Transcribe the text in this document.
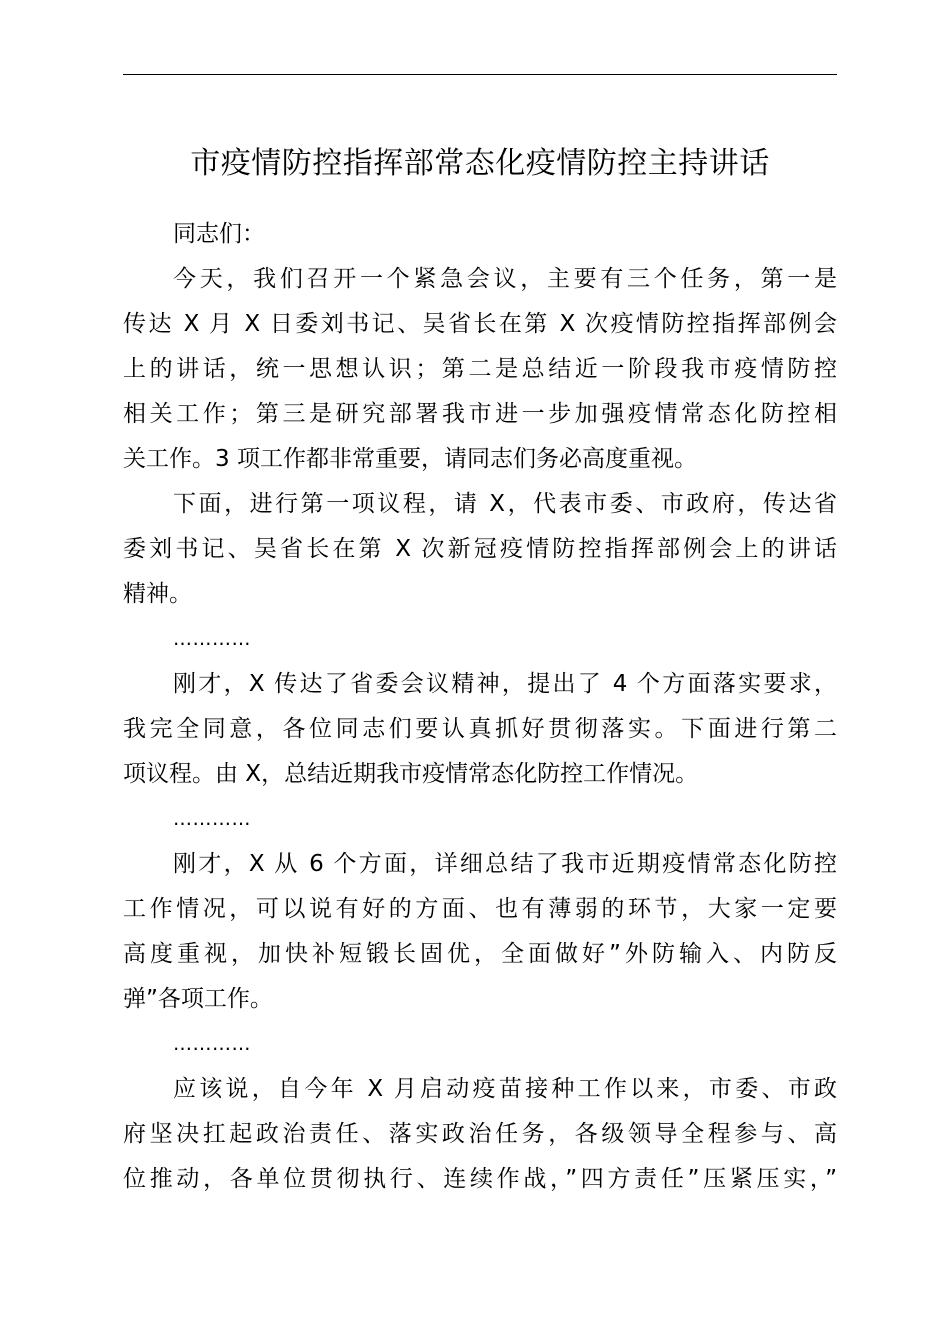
市疫情防控指挥部常态化疫情防控主持讲话
同志们：
今天，我们召开一个紧急会议，主要有三个任务，第一是
传达 X 月 X 日委刘书记、吴省长在第 X 次疫情防控指挥部例会
上的讲话，统一思想认识；第二是总结近一阶段我市疫情防控
相关工作；第三是研究部署我市进一步加强疫情常态化防控相
关工作。3 项工作都非常重要，请同志们务必高度重视。
下面，进行第一项议程，请 X，代表市委、市政府，传达省
委刘书记、吴省长在第 X 次新冠疫情防控指挥部例会上的讲话
精神。
…………
刚才，X 传达了省委会议精神，提出了 4 个方面落实要求，
我完全同意，各位同志们要认真抓好贯彻落实。下面进行第二
项议程。由 X，总结近期我市疫情常态化防控工作情况。
…………
刚才，X 从 6 个方面，详细总结了我市近期疫情常态化防控
工作情况，可以说有好的方面、也有薄弱的环节，大家一定要
高度重视，加快补短锻长固优，全面做好”外防输入、内防反
弹”各项工作。
…………
应该说，自今年 X 月启动疫苗接种工作以来，市委、市政
府坚决扛起政治责任、落实政治任务，各级领导全程参与、高
位推动，各单位贯彻执行、连续作战，”四方责任”压紧压实，”
